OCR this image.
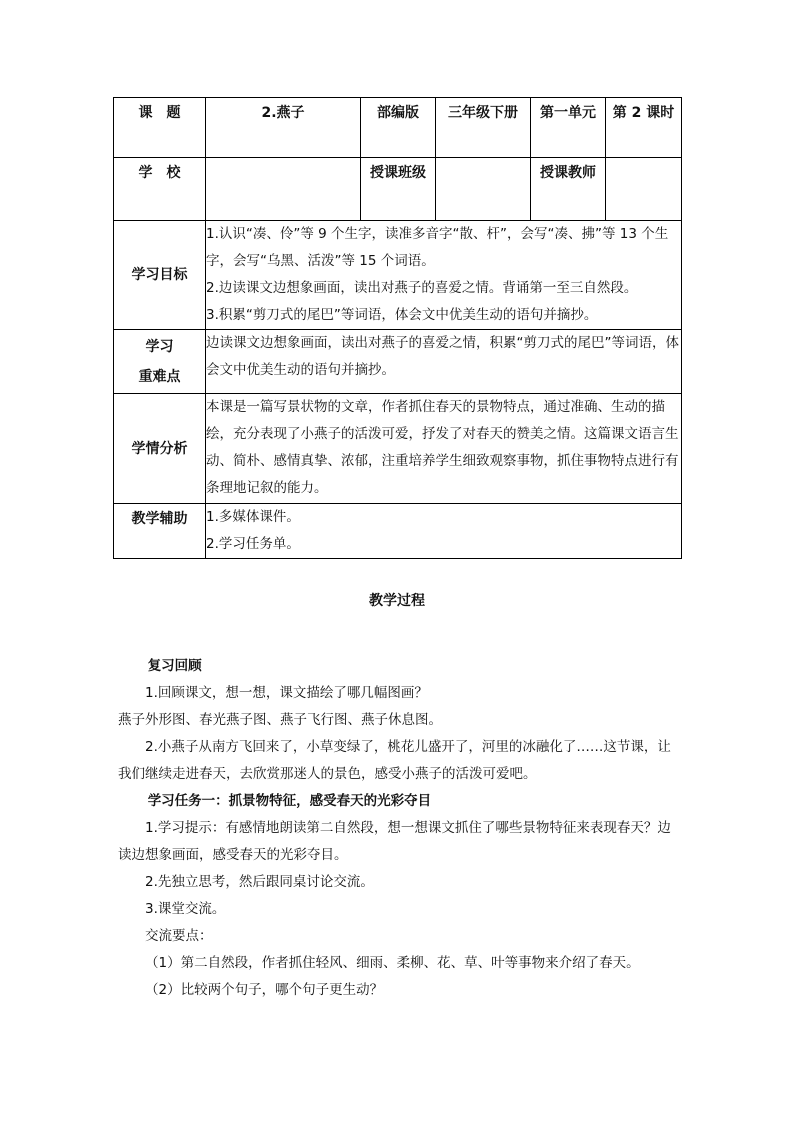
课　题	2.燕子	部编版	三年级下册	第一单元	第 2 课时
学　校		授课班级		授课教师	
学习目标	1.认识“凑、伶”等 9 个生字，读准多音字“散、杆”，会写“凑、拂”等 13 个生字，会写“乌黑、活泼”等 15 个词语。

2.边读课文边想象画面，读出对燕子的喜爱之情。背诵第一至三自然段。

3.积累“剪刀式的尾巴”等词语，体会文中优美生动的语句并摘抄。				

学习
重难点	边读课文边想象画面，读出对燕子的喜爱之情，积累“剪刀式的尾巴”等词语，体会文中优美生动的语句并摘抄。				

学情分析	本课是一篇写景状物的文章，作者抓住春天的景物特点，通过准确、生动的描绘，充分表现了小燕子的活泼可爱，抒发了对春天的赞美之情。这篇课文语言生动、简朴、感情真挚、浓郁，注重培养学生细致观察事物，抓住事物特点进行有条理地记叙的能力。				

教学辅助	1.多媒体课件。

2.学习任务单。				

教学过程

复习回顾

1.回顾课文，想一想，课文描绘了哪几幅图画？

燕子外形图、春光燕子图、燕子飞行图、燕子休息图。

2.小燕子从南方飞回来了，小草变绿了，桃花儿盛开了，河里的冰融化了……这节课，让我们继续走进春天，去欣赏那迷人的景色，感受小燕子的活泼可爱吧。

学习任务一：抓景物特征，感受春天的光彩夺目

1.学习提示：有感情地朗读第二自然段，想一想课文抓住了哪些景物特征来表现春天？边读边想象画面，感受春天的光彩夺目。

2.先独立思考，然后跟同桌讨论交流。

3.课堂交流。

交流要点：

（1）第二自然段，作者抓住轻风、细雨、柔柳、花、草、叶等事物来介绍了春天。

（2）比较两个句子，哪个句子更生动？
